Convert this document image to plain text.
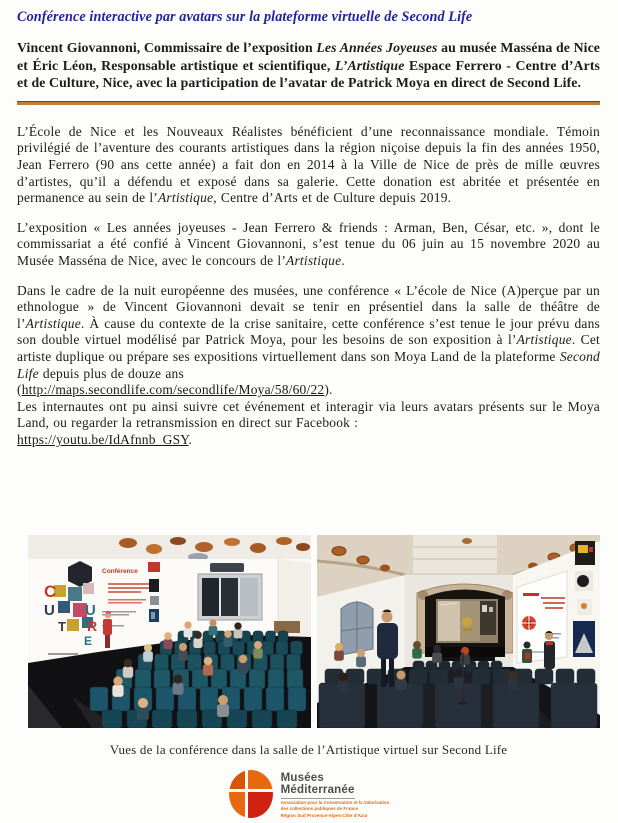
Conférence interactive par avatars sur la plateforme virtuelle de Second Life

Vincent Giovannoni, Commissaire de l’exposition Les Années Joyeuses au musée Masséna de Nice et Éric Léon, Responsable artistique et scientifique, L’Artistique Espace Ferrero - Centre d’Arts et de Culture, Nice, avec la participation de l’avatar de Patrick Moya en direct de Second Life.

L’École de Nice et les Nouveaux Réalistes bénéficient d’une reconnaissance mondiale. Témoin privilégié de l’aventure des courants artistiques dans la région niçoise depuis la fin des années 1950, Jean Ferrero (90 ans cette année) a fait don en 2014 à la Ville de Nice de près de mille œuvres d’artistes, qu’il a défendu et exposé dans sa galerie. Cette donation est abritée et présentée en permanence au sein de l’Artistique, Centre d’Arts et de Culture depuis 2019.

L’exposition « Les années joyeuses - Jean Ferrero & friends : Arman, Ben, César, etc. », dont le commissariat a été confié à Vincent Giovannoni, s’est tenue du 06 juin au 15 novembre 2020 au Musée Masséna de Nice, avec le concours de l’Artistique.

Dans le cadre de la nuit européenne des musées, une conférence « L’école de Nice (A)perçue par un ethnologue » de Vincent Giovannoni devait se tenir en présentiel dans la salle de théâtre de l’Artistique. À cause du contexte de la crise sanitaire, cette conférence s’est tenue le jour prévu dans son double virtuel modélisé par Patrick Moya, pour les besoins de son exposition à l’Artistique. Cet artiste duplique ou prépare ses expositions virtuellement dans son Moya Land de la plateforme Second Life depuis plus de douze ans
(http://maps.secondlife.com/secondlife/Moya/58/60/22).
Les internautes ont pu ainsi suivre cet événement et interagir via leurs avatars présents sur le Moya Land, ou regarder la retransmission en direct sur Facebook :
https://youtu.be/IdAfnnb_GSY.

C
U
T
U
R
E
Conférence
Vues de la conférence dans la salle de l’Artistique virtuel sur Second Life
Musées
Méditerranée
Association pour la Conservation et la Valorisation
des collections publiques de France
Région Sud Provence-Alpes-Côte d’Azur
